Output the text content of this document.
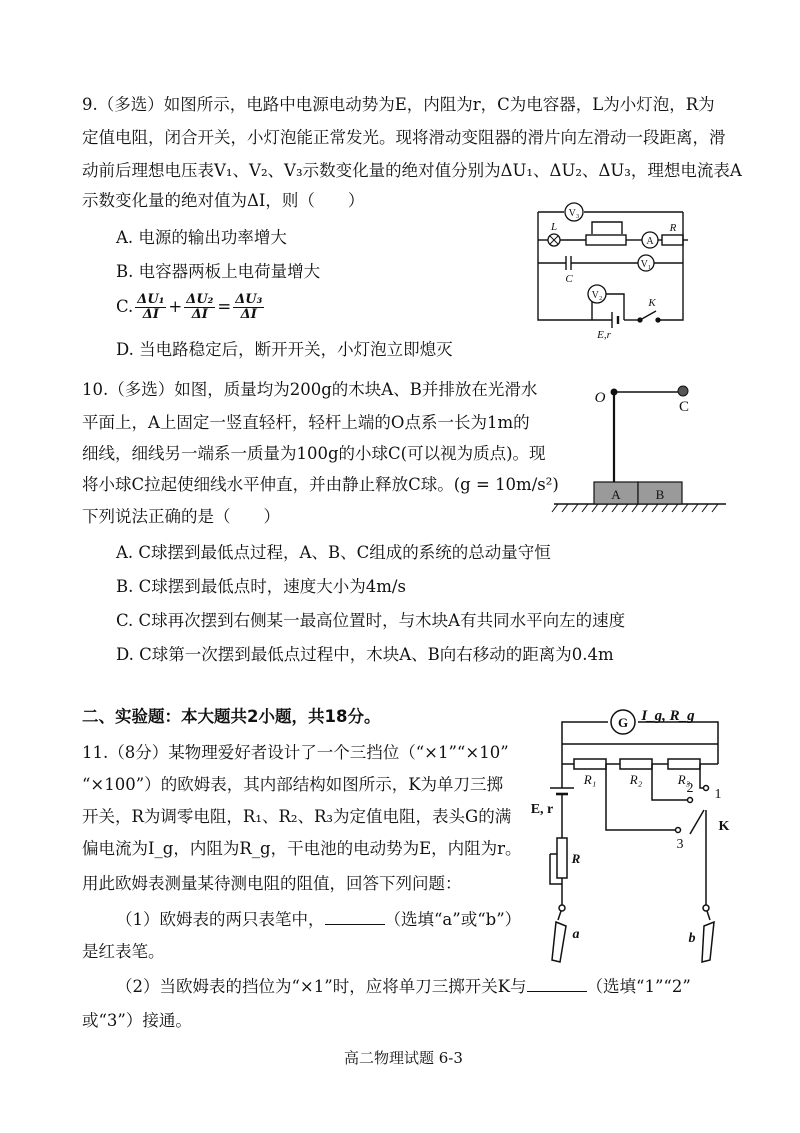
9.（多选）如图所示，电路中电源电动势为E，内阻为r，C为电容器，L为小灯泡，R为
定值电阻，闭合开关，小灯泡能正常发光。现将滑动变阻器的滑片向左滑动一段距离，滑
动前后理想电压表V₁、V₂、V₃示数变化量的绝对值分别为ΔU₁、ΔU₂、ΔU₃，理想电流表A
示数变化量的绝对值为ΔI，则（　　）
A. 电源的输出功率增大
B. 电容器两板上电荷量增大
C. $\frac{\text{ΔU₁}}{\Delta I} + \frac{\text{ΔU₂}}{\Delta I} = \frac{\text{ΔU₃}}{\Delta I}$
D. 当电路稳定后，断开开关，小灯泡立即熄灭
V₃
L
A
R
V₁
C
V₂
K
E,r
10.（多选）如图，质量均为200g的木块A、B并排放在光滑水
平面上，A上固定一竖直轻杆，轻杆上端的O点系一长为1m的
细线，细线另一端系一质量为100g的小球C(可以视为质点)。现
将小球C拉起使细线水平伸直，并由静止释放C球。(g = 10m/s²)
下列说法正确的是（　　）
A. C球摆到最低点过程，A、B、C组成的系统的总动量守恒
B. C球摆到最低点时，速度大小为4m/s
C. C球再次摆到右侧某一最高位置时，与木块A有共同水平向左的速度
D. C球第一次摆到最低点过程中，木块A、B向右移动的距离为0.4m
O
C
A	B
二、实验题：本大题共2小题，共18分。
11.（8分）某物理爱好者设计了一个三挡位（“×1”“×10”
“×100”）的欧姆表，其内部结构如图所示，K为单刀三掷
开关，R为调零电阻，R₁、R₂、R₃为定值电阻，表头G的满
偏电流为I_g，内阻为R_g，干电池的电动势为E，内阻为r。
用此欧姆表测量某待测电阻的阻值，回答下列问题：
（1）欧姆表的两只表笔中，	（选填“a”或“b”）
是红表笔。
（2）当欧姆表的挡位为“×1”时，应将单刀三掷开关K与	（选填“1”“2”
或“3”）接通。
G I_g, R_g
R₁	R₂	R₃
E, r
R
1
2
3
K
a	b
高二物理试题 6-3
